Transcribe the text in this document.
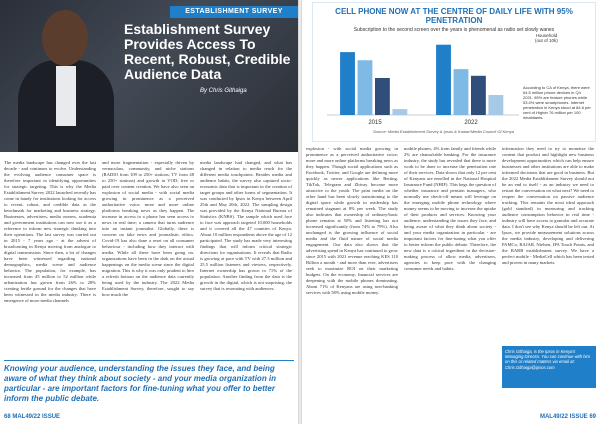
ESTABLISHMENT SURVEY
Establishment Survey Provides Access To Recent, Robust, Credible Audience Data
By Chris Githaiga
The media landscape has changed over the last decade - and continues to evolve. Understanding the evolving audience consumer space is therefore important in identifying opportunities for strategic targeting. This is why the Media Establishment Survey 2022 launched recently has come in handy for institutions looking for access to recent, robust, and credible data as the benchmark for marketing and business strategy. Businesses, advertisers, media owners, academia and government institutions can now use it as a reference to inform new strategic thinking into their operations. The last survey was carried out in 2015 - 7 years ago - at the advent of broadcasting in Kenya moving from analogue to digital transmission. Since then, a lot of changes have been witnessed regarding national demographics, media scene and audience behavior. The population, for example, has increased from 45 million to 52 million while urbanization has grown from 26% to 28% creating fertile ground for the changes that have been witnessed in the media industry. There is emergence of more media channels
and more fragmentation - especially driven by vernaculars, community, and niche stations (RADIO from 109 to 250+ stations; TV from 48 to 250+ stations) and growth in VOD; free or paid over content creation. We have also seen an explosion of social media - with social media growing in prominence as a perceived authoritative voice; more and more online platforms breaking news as they happen. The increase in access to a phone has seen access to news in real time; a camera that turns audience into an instant journalist. Globally, there is concern on fake news and journalistic ethics. Covid-19 has also done a reset on all consumer behaviour - including how they interact with media. While all these have been going on, organizations have been in the dark on the actual happenings on the media scene since the digital migration. This is why it was only prudent to hire a refresh bottom on the audience data currently being used by the industry. The 2022 Media Establishment Survey, therefore, sought to say how much the
media landscape had changed, and what has changed in relation to media reach for the different media touchpoints. Besides media and audience habits, the survey also captured socio-economic data that is important in the creation of target groups and other forms of segmentation. It was conducted by Ipsos in Kenya between April 25th and May 20th, 2022. The sampling design was provided by the Kenya National Bureau of Statistics (KNBS). The sample which used face to face was approach targeted 10,000 households and it covered all the 47 counties of Kenya. About 10 million respondents above the age of 12 participated. The study has made very interesting findings that will inform critical strategic directions for organisations. It reveals that Radio is growing at pace with TV with 27.3 million and 25.5 million listeners and viewers, respectively. Internet ownership has grown to 71% of the population. Another finding from the data is the growth in the digital, which is not surprising, the survey that is resonating with audiences.
Knowing your audience, understanding the issues they face, and being aware of what they think about society - and your media organization in particular - are important factors for fine-tuning what you offer to better inform the public debate.
68 MAL49/22 ISSUE
CELL PHONE NOW AT THE CENTRE OF DAILY LIFE WITH 95% PENETRATION
Subscription to the second screen over the years is phenomenal as radio set slowly wanes
2015	2022
Household
(out of 10k)
According to CA of Kenya, there were 64.5 million phone devices in Q4 2021. 95% are feature phones while 53.4% were smartphones. Internet penetration in Kenya stood at 84.6 per cent of Higher 76 million per 100 inhabitants.
Source: Media Establishment Survey & Ipsos & Kantar/Media Council Of Kenya
explosion - with social media growing in prominence as a perceived authoritative voice; more and more online platforms breaking news as they happen. Though social applications such as Facebook, Twitter, and Google are defining more quickly as newer applications like Betting, TikTok, Telegram and Zhivay become more attractive to the youth. The print media on the other hand has been slowly transitioning to the digital space while growth in readership has remained stagnant at 8% per week. The study also indicates that ownership of ordinary/basic phone remains at 50% and listening has not increased significantly (from 74% to 79%). Also unchanged is the growing influence of social media and the fluid nature of social media engagement. Our data also shows that the advertising spend in Kenya has continued to grow since 2015 with 2021 revenue reaching KES 110 Billion a month - and more than ever, advertisers seek to maximize ROI on their marketing budgets. On the economy, financial services are deepening with the mobile phones dominating. About 71% of Kenyans are using non-banking services with 58% using mobile money.
mobile phones, 4% from family and friends while 2% are chama/table banking. For the insurance industry, the study has revealed that there is more work to be done to increase the penetration rate of their services. Data shows that only 12 per cent of Kenyans are enrolled in the National Hospital Insurance Fund (NHIF). This begs the question of whether insurance and pension managers, who normally use check-off means will leverage on the emerging mobile phone technology where money seems to be moving to increase the uptake of their products and services. Knowing your audience, understanding the issues they face, and being aware of what they think about society - and your media organization in particular - are important factors for fine-tuning what you offer to better inform the public debate. Therefore, the new data is a critical ingredient in the decision-making process of allow media, advertisers, agencies to keep pace with the changing consumer needs and habits.
information they need to try to monetize the content that product and highlight new business development opportunities which can help ensure businesses and other institutions are able to make informed decisions that are good in business. But the 2022 Media Establishment Survey should not be an end to itself - as an industry we need to restart the conversation on what next? We need to reopen the conversation on passive audience tracking. This remains the most ideal approach (gold standard) in measuring and tracking audience consumption behavior in real time - industry will have access to granular and accurate data. I don't see why Kenya should be left out. At Ipsos, we provide measurement solutions across the media industry, developing and delivering PAMCo, RAJAR, Nielsen, IPA Touch Points, and the BARB establishment survey. We have a perfect mobile - MediaCell which has been tested and proven in many markets.
Chris Githaiga, is the Ipsos in Kenya's Managing Director. You can continue with him on this or related matters via email at: Chris.Githaiga@ipsos.com
MAL49/22 ISSUE 69
